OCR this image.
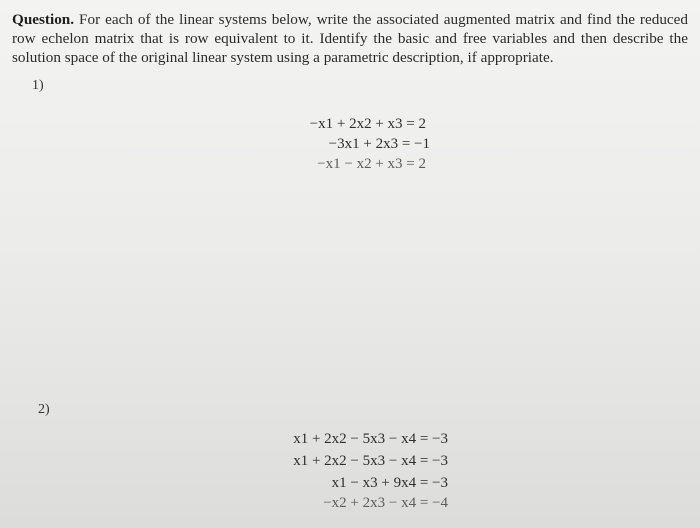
Question. For each of the linear systems below, write the associated augmented matrix and find the reduced row echelon matrix that is row equivalent to it. Identify the basic and free variables and then describe the solution space of the original linear system using a parametric description, if appropriate.
1)
−x1 + 2x2 + x3 = 2
−3x1 + 2x3 = −1
−x1 − x2 + x3 = 2
2)
x1 + 2x2 − 5x3 − x4 = −3
x1 + 2x2 − 5x3 − x4 = −3
x1 − x3 + 9x4 = −3
−x2 + 2x3 − x4 = −4
